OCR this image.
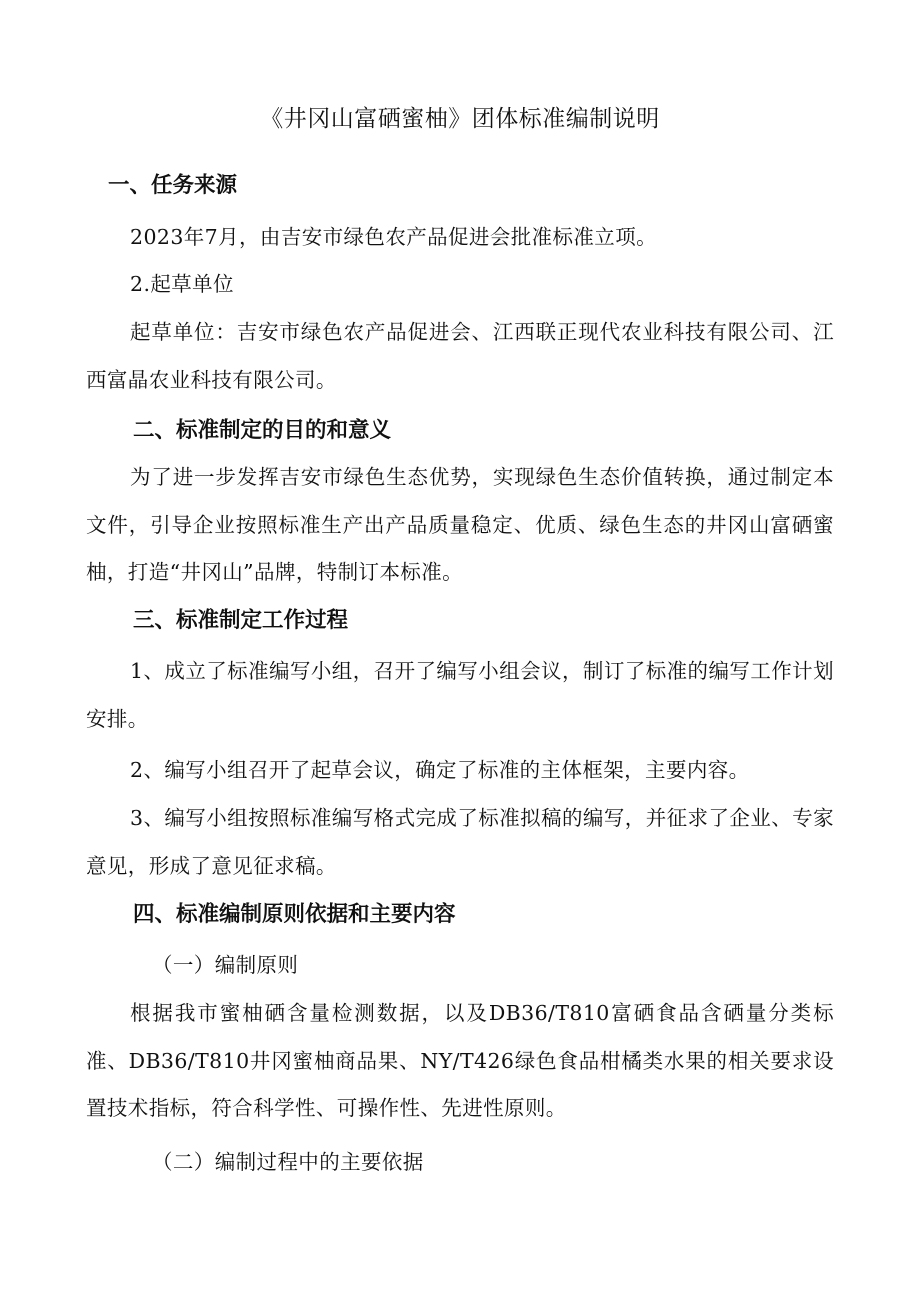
《井冈山富硒蜜柚》团体标准编制说明
一、任务来源
2023年7月，由吉安市绿色农产品促进会批准标准立项。
2.起草单位
起草单位：吉安市绿色农产品促进会、江西联正现代农业科技有限公司、江西富晶农业科技有限公司。
二、标准制定的目的和意义
为了进一步发挥吉安市绿色生态优势，实现绿色生态价值转换，通过制定本文件，引导企业按照标准生产出产品质量稳定、优质、绿色生态的井冈山富硒蜜柚，打造“井冈山”品牌，特制订本标准。
三、标准制定工作过程
1、成立了标准编写小组，召开了编写小组会议，制订了标准的编写工作计划安排。
2、编写小组召开了起草会议，确定了标准的主体框架，主要内容。
3、编写小组按照标准编写格式完成了标准拟稿的编写，并征求了企业、专家意见，形成了意见征求稿。
四、标准编制原则依据和主要内容
（一）编制原则
根据我市蜜柚硒含量检测数据，以及DB36/T810富硒食品含硒量分类标准、DB36/T810井冈蜜柚商品果、NY/T426绿色食品柑橘类水果的相关要求设置技术指标，符合科学性、可操作性、先进性原则。
（二）编制过程中的主要依据
